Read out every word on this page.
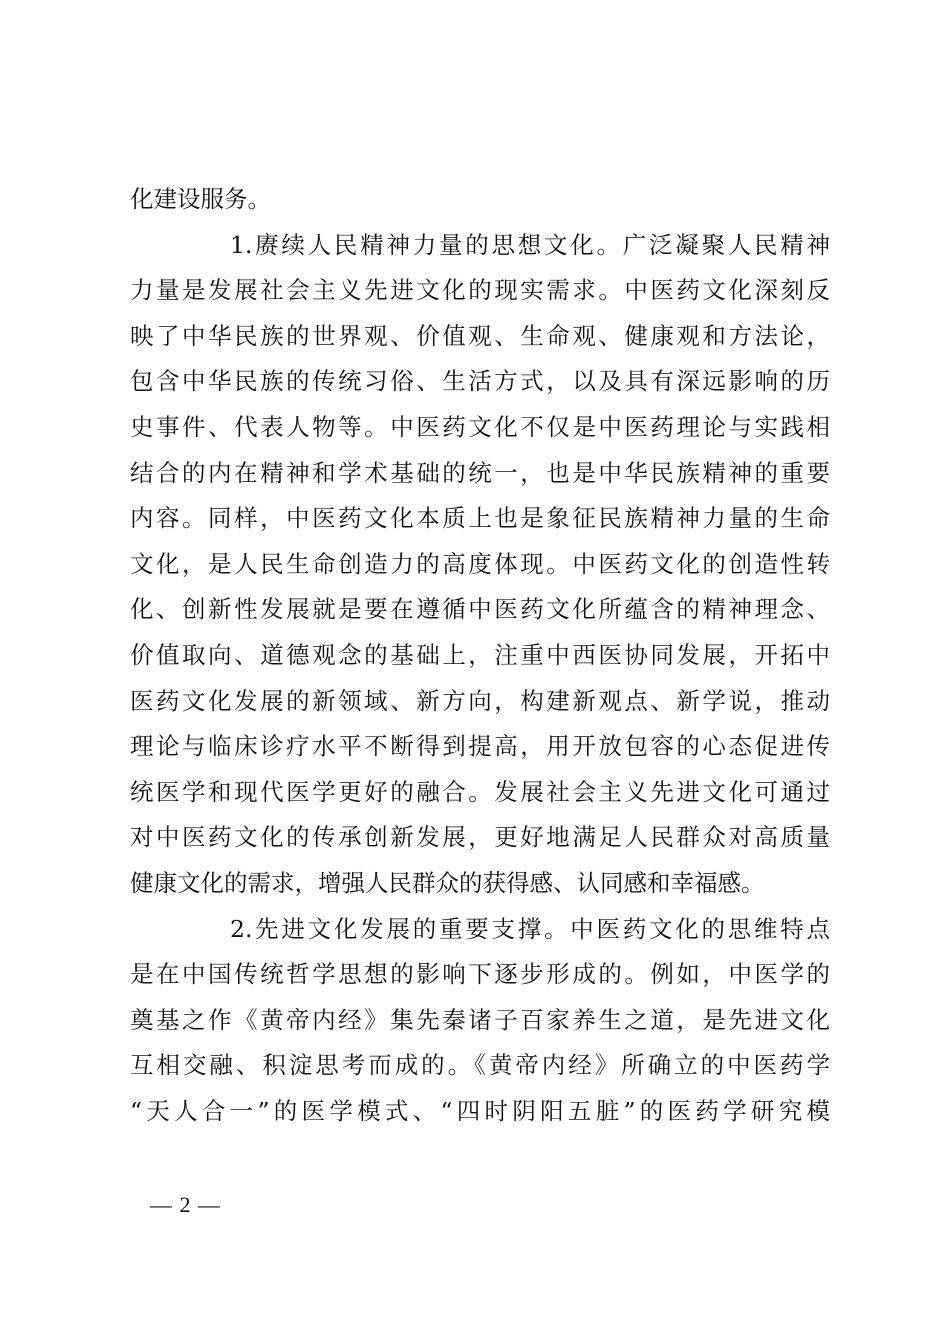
化建设服务。
1.赓续人民精神力量的思想文化。广泛凝聚人民精神
力量是发展社会主义先进文化的现实需求。中医药文化深刻反
映了中华民族的世界观、价值观、生命观、健康观和方法论，
包含中华民族的传统习俗、生活方式，以及具有深远影响的历
史事件、代表人物等。中医药文化不仅是中医药理论与实践相
结合的内在精神和学术基础的统一，也是中华民族精神的重要
内容。同样，中医药文化本质上也是象征民族精神力量的生命
文化，是人民生命创造力的高度体现。中医药文化的创造性转
化、创新性发展就是要在遵循中医药文化所蕴含的精神理念、
价值取向、道德观念的基础上，注重中西医协同发展，开拓中
医药文化发展的新领域、新方向，构建新观点、新学说，推动
理论与临床诊疗水平不断得到提高，用开放包容的心态促进传
统医学和现代医学更好的融合。发展社会主义先进文化可通过
对中医药文化的传承创新发展，更好地满足人民群众对高质量
健康文化的需求，增强人民群众的获得感、认同感和幸福感。
2.先进文化发展的重要支撑。中医药文化的思维特点
是在中国传统哲学思想的影响下逐步形成的。例如，中医学的
奠基之作《黄帝内经》集先秦诸子百家养生之道，是先进文化
互相交融、积淀思考而成的。《黄帝内经》所确立的中医药学
“天人合一”的医学模式、“四时阴阳五脏”的医药学研究模
— 2 —
